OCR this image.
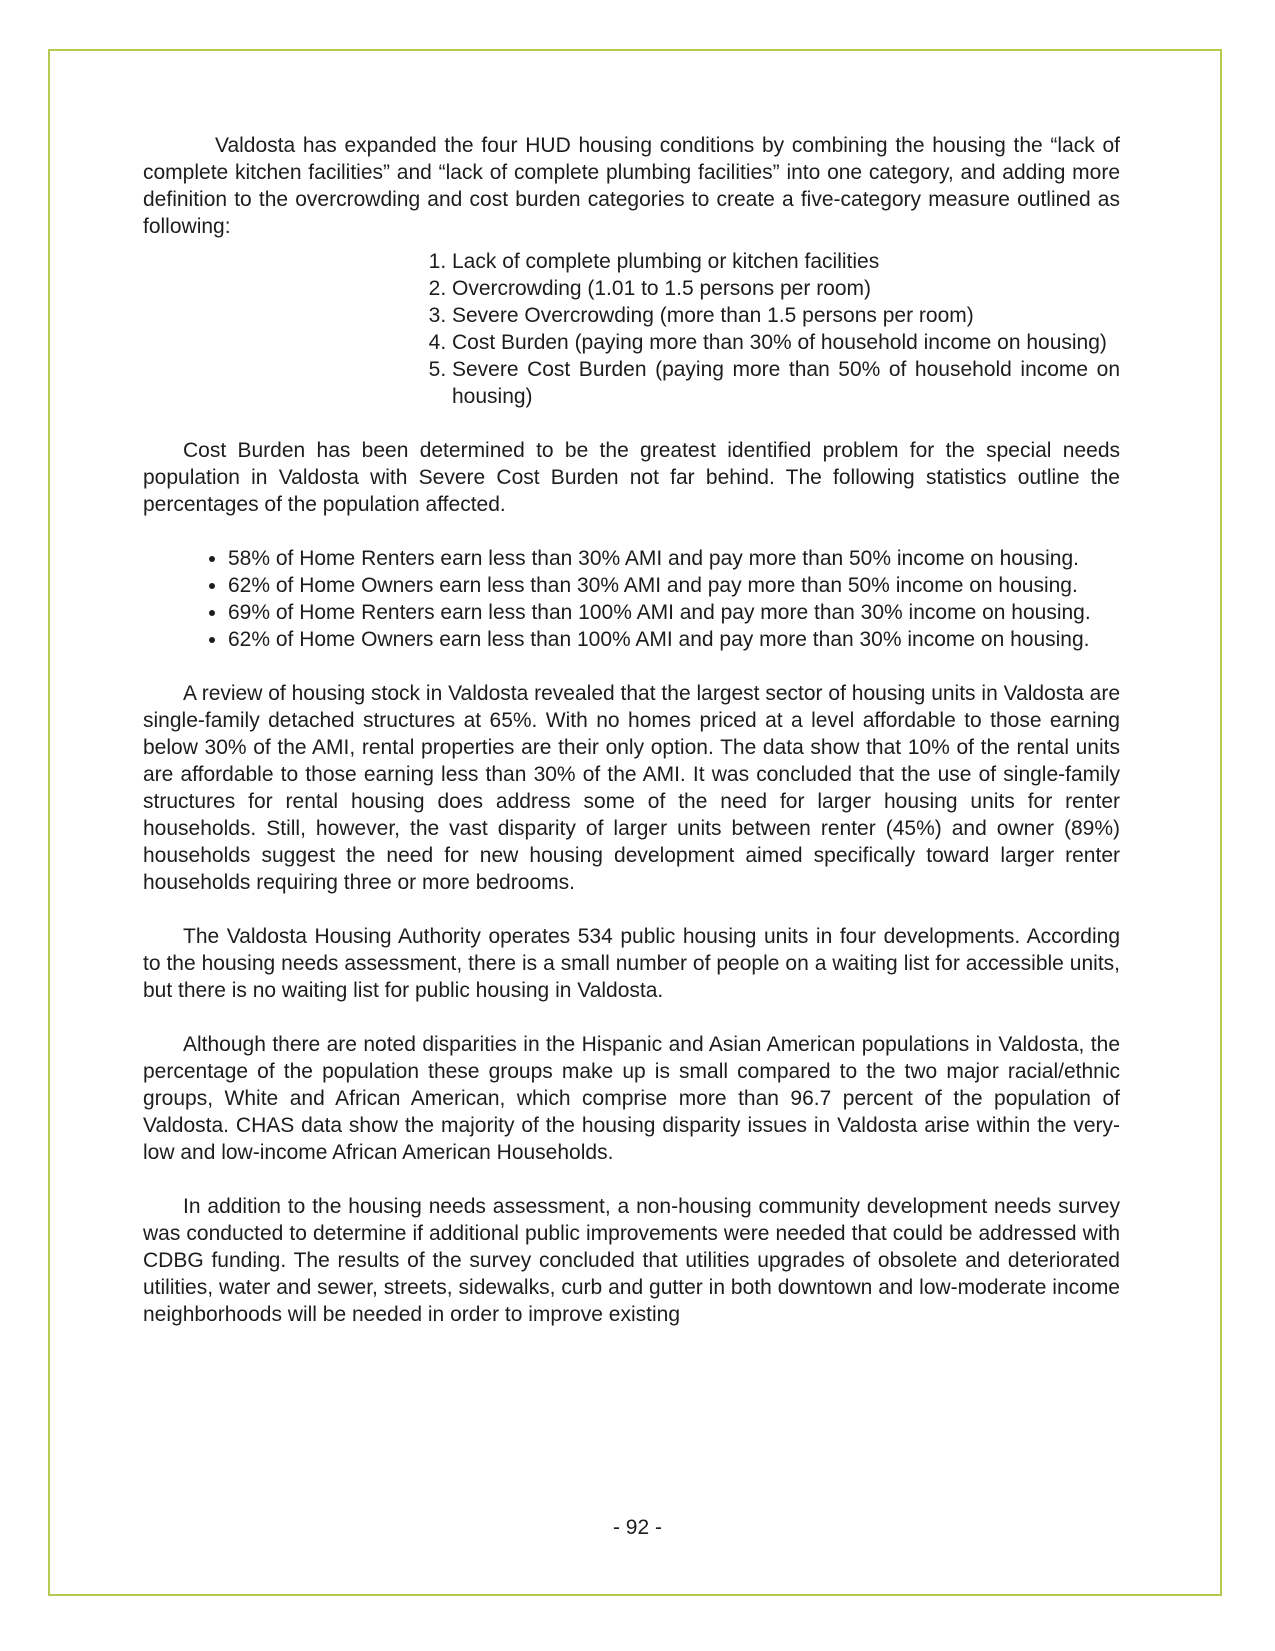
Valdosta has expanded the four HUD housing conditions by combining the housing the “lack of complete kitchen facilities” and “lack of complete plumbing facilities” into one category, and adding more definition to the overcrowding and cost burden categories to create a five-category measure outlined as following:

1. Lack of complete plumbing or kitchen facilities
2. Overcrowding (1.01 to 1.5 persons per room)
3. Severe Overcrowding (more than 1.5 persons per room)
4. Cost Burden (paying more than 30% of household income on housing)
5. Severe Cost Burden (paying more than 50% of household income on housing)

Cost Burden has been determined to be the greatest identified problem for the special needs population in Valdosta with Severe Cost Burden not far behind. The following statistics outline the percentages of the population affected.

• 58% of Home Renters earn less than 30% AMI and pay more than 50% income on housing.
• 62% of Home Owners earn less than 30% AMI and pay more than 50% income on housing.
• 69% of Home Renters earn less than 100% AMI and pay more than 30% income on housing.
• 62% of Home Owners earn less than 100% AMI and pay more than 30% income on housing.

A review of housing stock in Valdosta revealed that the largest sector of housing units in Valdosta are single-family detached structures at 65%. With no homes priced at a level affordable to those earning below 30% of the AMI, rental properties are their only option. The data show that 10% of the rental units are affordable to those earning less than 30% of the AMI. It was concluded that the use of single-family structures for rental housing does address some of the need for larger housing units for renter households. Still, however, the vast disparity of larger units between renter (45%) and owner (89%) households suggest the need for new housing development aimed specifically toward larger renter households requiring three or more bedrooms.

The Valdosta Housing Authority operates 534 public housing units in four developments. According to the housing needs assessment, there is a small number of people on a waiting list for accessible units, but there is no waiting list for public housing in Valdosta.

Although there are noted disparities in the Hispanic and Asian American populations in Valdosta, the percentage of the population these groups make up is small compared to the two major racial/ethnic groups, White and African American, which comprise more than 96.7 percent of the population of Valdosta. CHAS data show the majority of the housing disparity issues in Valdosta arise within the very-low and low-income African American Households.

In addition to the housing needs assessment, a non-housing community development needs survey was conducted to determine if additional public improvements were needed that could be addressed with CDBG funding. The results of the survey concluded that utilities upgrades of obsolete and deteriorated utilities, water and sewer, streets, sidewalks, curb and gutter in both downtown and low-moderate income neighborhoods will be needed in order to improve existing

- 92 -
